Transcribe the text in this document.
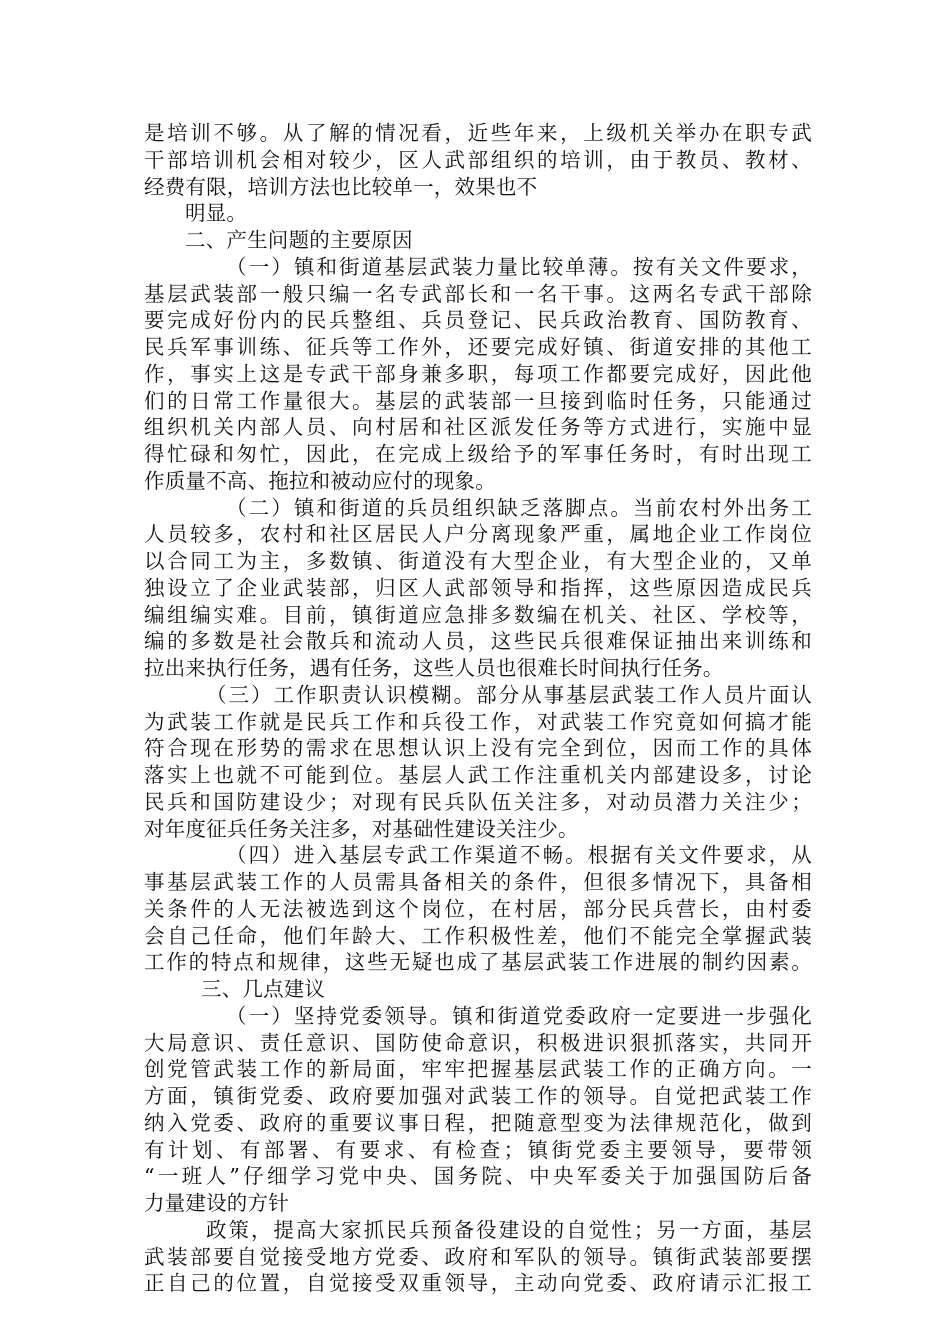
是培训不够。从了解的情况看，近些年来，上级机关举办在职专武
干部培训机会相对较少，区人武部组织的培训，由于教员、教材、
经费有限，培训方法也比较单一，效果也不
明显。
二、产生问题的主要原因
（一）镇和街道基层武装力量比较单薄。按有关文件要求，
基层武装部一般只编一名专武部长和一名干事。这两名专武干部除
要完成好份内的民兵整组、兵员登记、民兵政治教育、国防教育、
民兵军事训练、征兵等工作外，还要完成好镇、街道安排的其他工
作，事实上这是专武干部身兼多职，每项工作都要完成好，因此他
们的日常工作量很大。基层的武装部一旦接到临时任务，只能通过
组织机关内部人员、向村居和社区派发任务等方式进行，实施中显
得忙碌和匆忙，因此，在完成上级给予的军事任务时，有时出现工
作质量不高、拖拉和被动应付的现象。
（二）镇和街道的兵员组织缺乏落脚点。当前农村外出务工
人员较多，农村和社区居民人户分离现象严重，属地企业工作岗位
以合同工为主，多数镇、街道没有大型企业，有大型企业的，又单
独设立了企业武装部，归区人武部领导和指挥，这些原因造成民兵
编组编实难。目前，镇街道应急排多数编在机关、社区、学校等，
编的多数是社会散兵和流动人员，这些民兵很难保证抽出来训练和
拉出来执行任务，遇有任务，这些人员也很难长时间执行任务。
（三）工作职责认识模糊。部分从事基层武装工作人员片面认
为武装工作就是民兵工作和兵役工作，对武装工作究竟如何搞才能
符合现在形势的需求在思想认识上没有完全到位，因而工作的具体
落实上也就不可能到位。基层人武工作注重机关内部建设多，讨论
民兵和国防建设少；对现有民兵队伍关注多，对动员潜力关注少；
对年度征兵任务关注多，对基础性建设关注少。
（四）进入基层专武工作渠道不畅。根据有关文件要求，从
事基层武装工作的人员需具备相关的条件，但很多情况下，具备相
关条件的人无法被选到这个岗位，在村居，部分民兵营长，由村委
会自己任命，他们年龄大、工作积极性差，他们不能完全掌握武装
工作的特点和规律，这些无疑也成了基层武装工作进展的制约因素。
三、几点建议
（一）坚持党委领导。镇和街道党委政府一定要进一步强化
大局意识、责任意识、国防使命意识，积极进识狠抓落实，共同开
创党管武装工作的新局面，牢牢把握基层武装工作的正确方向。一
方面，镇街党委、政府要加强对武装工作的领导。自觉把武装工作
纳入党委、政府的重要议事日程，把随意型变为法律规范化，做到
有计划、有部署、有要求、有检查；镇街党委主要领导，要带领
“一班人”仔细学习党中央、国务院、中央军委关于加强国防后备
力量建设的方针
政策，提高大家抓民兵预备役建设的自觉性；另一方面，基层
武装部要自觉接受地方党委、政府和军队的领导。镇街武装部要摆
正自己的位置，自觉接受双重领导，主动向党委、政府请示汇报工
